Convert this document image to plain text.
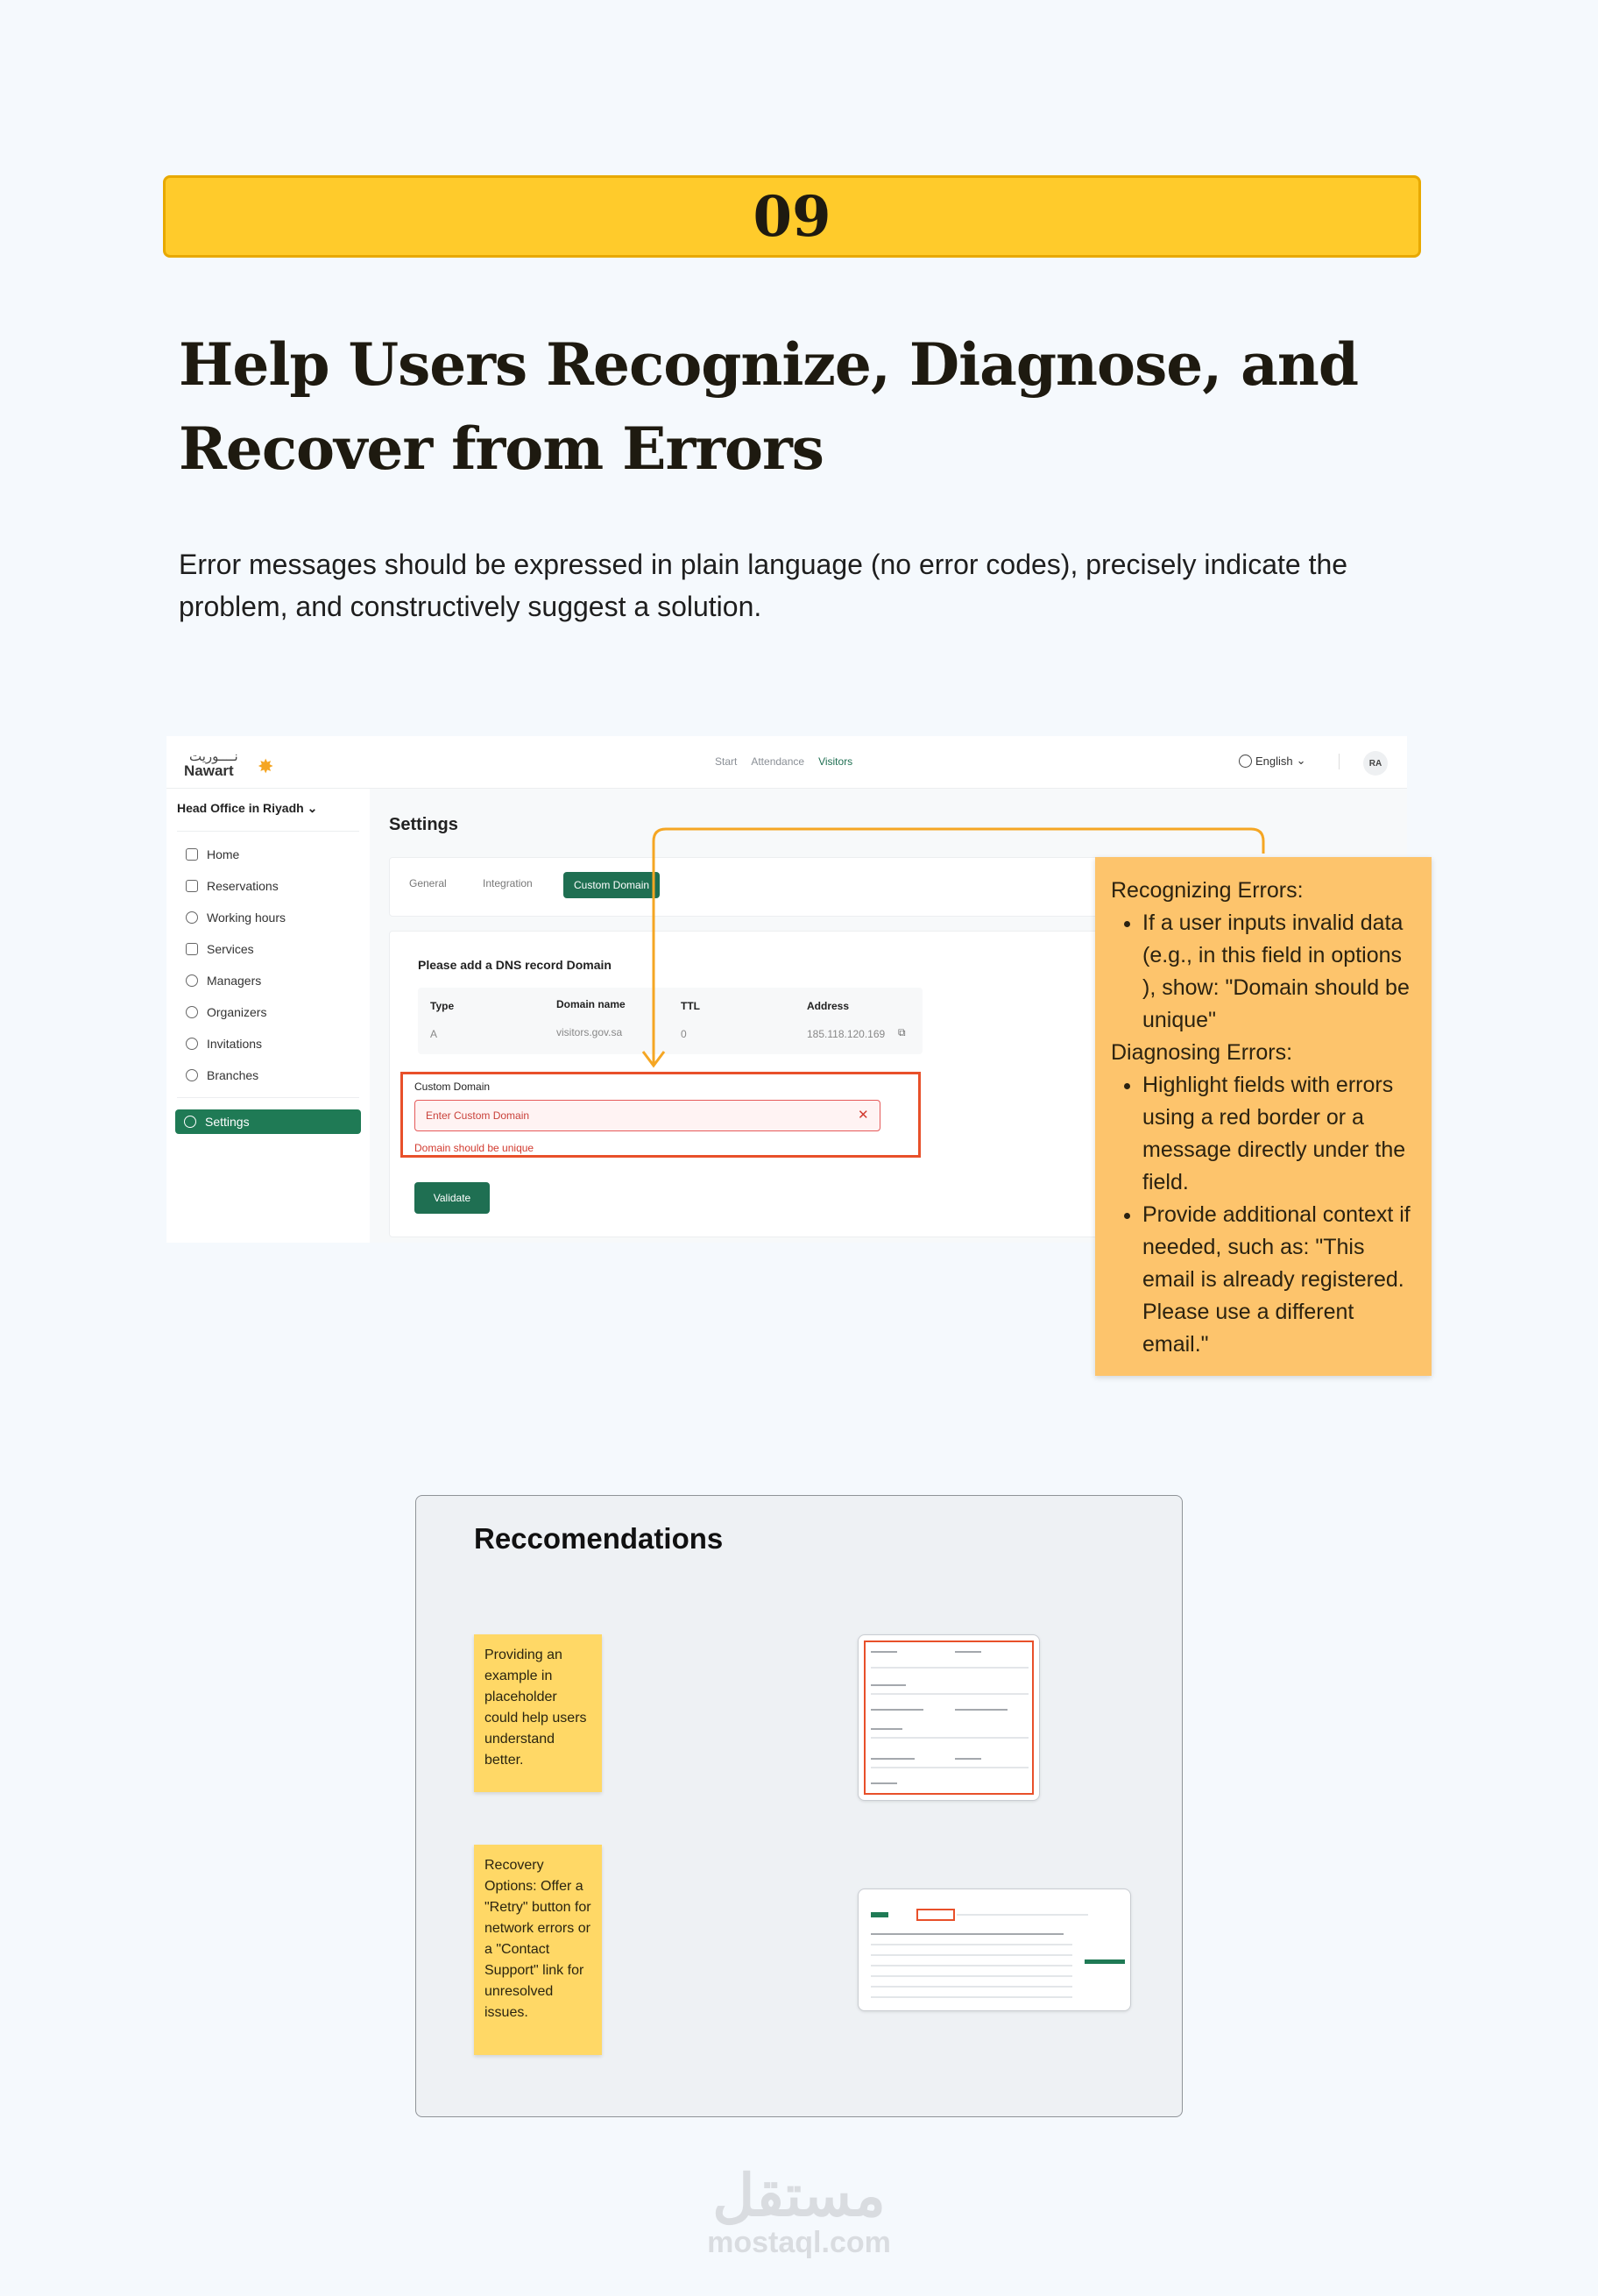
09
Help Users Recognize, Diagnose, and Recover from Errors

Error messages should be expressed in plain language (no error codes), precisely indicate the problem, and constructively suggest a solution.

نــــوريت
Nawart ✸	Start Attendance Visitors	English ⌄	RA
Head Office in Riyadh ⌄
Home
Reservations
Working hours
Services
Managers
Organizers
Invitations
Branches
Settings
Settings
General	Integration	Custom Domain
Please add a DNS record Domain
Type	Domain name	TTL	Address
A	visitors.gov.sa	0	185.118.120.169 ⧉
Custom Domain
Enter Custom Domain	✕
Domain should be unique
Validate
Recognizing Errors:
• If a user inputs invalid data (e.g., in this field in options ), show: "Domain should be unique"
Diagnosing Errors:
• Highlight fields with errors using a red border or a message directly under the field.
• Provide additional context if needed, such as: "This email is already registered. Please use a different email."
Reccomendations
Providing an example in placeholder could help users understand better.
Recovery Options: Offer a "Retry" button for network errors or a "Contact Support" link for unresolved issues.
مستقل
mostaql.com
